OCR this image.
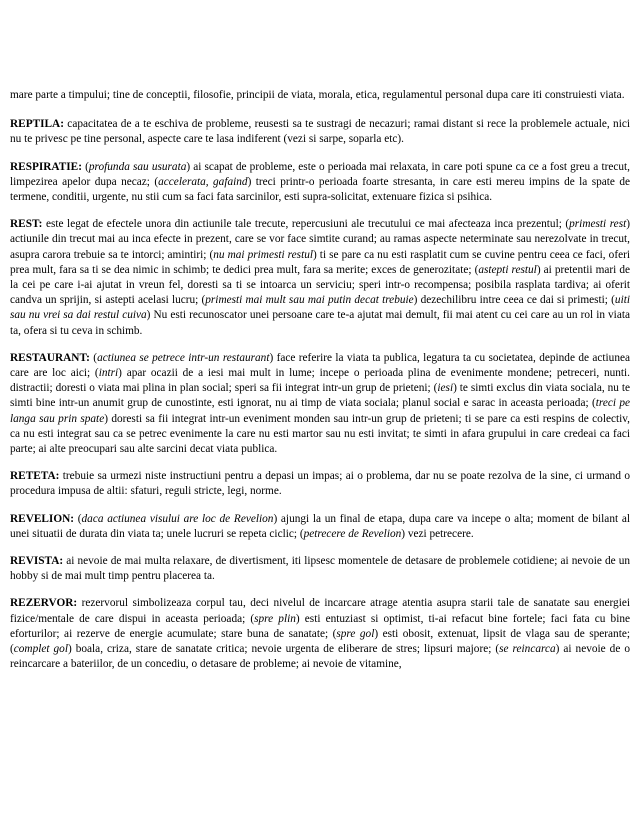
mare parte a timpului; tine de conceptii, filosofie, principii de viata, morala, etica, regulamentul personal dupa care iti construiesti viata.

REPTILA: capacitatea de a te eschiva de probleme, reusesti sa te sustragi de necazuri; ramai distant si rece la problemele actuale, nici nu te privesc pe tine personal, aspecte care te lasa indiferent (vezi si sarpe, soparla etc).

RESPIRATIE: (profunda sau usurata) ai scapat de probleme, este o perioada mai relaxata, in care poti spune ca ce a fost greu a trecut, limpezirea apelor dupa necaz; (accelerata, gafaind) treci printr-o perioada foarte stresanta, in care esti mereu impins de la spate de termene, conditii, urgente, nu stii cum sa faci fata sarcinilor, esti supra-solicitat, extenuare fizica si psihica.

REST: este legat de efectele unora din actiunile tale trecute, repercusiuni ale trecutului ce mai afecteaza inca prezentul; (primesti rest) actiunile din trecut mai au inca efecte in prezent, care se vor face simtite curand; au ramas aspecte neterminate sau nerezolvate in trecut, asupra carora trebuie sa te intorci; amintiri; (nu mai primesti restul) ti se pare ca nu esti rasplatit cum se cuvine pentru ceea ce faci, oferi prea mult, fara sa ti se dea nimic in schimb; te dedici prea mult, fara sa merite; exces de generozitate; (astepti restul) ai pretentii mari de la cei pe care i-ai ajutat in vreun fel, doresti sa ti se intoarca un serviciu; speri intr-o recompensa; posibila rasplata tardiva; ai oferit candva un sprijin, si astepti acelasi lucru; (primesti mai mult sau mai putin decat trebuie) dezechilibru intre ceea ce dai si primesti; (uiti sau nu vrei sa dai restul cuiva) Nu esti recunoscator unei persoane care te-a ajutat mai demult, fii mai atent cu cei care au un rol in viata ta, ofera si tu ceva in schimb.

RESTAURANT: (actiunea se petrece intr-un restaurant) face referire la viata ta publica, legatura ta cu societatea, depinde de actiunea care are loc aici; (intri) apar ocazii de a iesi mai mult in lume; incepe o perioada plina de evenimente mondene; petreceri, nunti. distractii; doresti o viata mai plina in plan social; speri sa fii integrat intr-un grup de prieteni; (iesi) te simti exclus din viata sociala, nu te simti bine intr-un anumit grup de cunostinte, esti ignorat, nu ai timp de viata sociala; planul social e sarac in aceasta perioada; (treci pe langa sau prin spate) doresti sa fii integrat intr-un eveniment monden sau intr-un grup de prieteni; ti se pare ca esti respins de colectiv, ca nu esti integrat sau ca se petrec evenimente la care nu esti martor sau nu esti invitat; te simti in afara grupului in care credeai ca faci parte; ai alte preocupari sau alte sarcini decat viata publica.

RETETA: trebuie sa urmezi niste instructiuni pentru a depasi un impas; ai o problema, dar nu se poate rezolva de la sine, ci urmand o procedura impusa de altii: sfaturi, reguli stricte, legi, norme.

REVELION: (daca actiunea visului are loc de Revelion) ajungi la un final de etapa, dupa care va incepe o alta; moment de bilant al unei situatii de durata din viata ta; unele lucruri se repeta ciclic; (petrecere de Revelion) vezi petrecere.

REVISTA: ai nevoie de mai multa relaxare, de divertisment, iti lipsesc momentele de detasare de problemele cotidiene; ai nevoie de un hobby si de mai mult timp pentru placerea ta.

REZERVOR: rezervorul simbolizeaza corpul tau, deci nivelul de incarcare atrage atentia asupra starii tale de sanatate sau energiei fizice/mentale de care dispui in aceasta perioada; (spre plin) esti entuziast si optimist, ti-ai refacut bine fortele; faci fata cu bine eforturilor; ai rezerve de energie acumulate; stare buna de sanatate; (spre gol) esti obosit, extenuat, lipsit de vlaga sau de sperante; (complet gol) boala, criza, stare de sanatate critica; nevoie urgenta de eliberare de stres; lipsuri majore; (se reincarca) ai nevoie de o reincarcare a bateriilor, de un concediu, o detasare de probleme; ai nevoie de vitamine,
